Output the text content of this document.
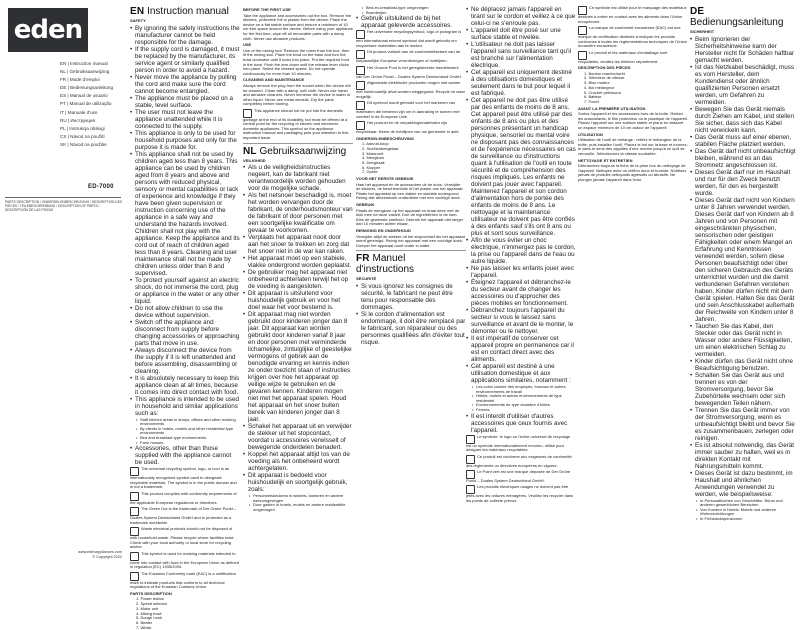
eden
EN | Instruction manual
NL | Gebruiksaanwijzing
FR | Mode d'emploi
DE | Bedienungsanleitung
ES | Manual de usuario
PT | Manual de utilização
IT | Manuale d'uso
RU | Инструкция
PL | Instrukcja obsługi
CS | Návod na použití
SK | Návod na použitie
ED-7000
PARTS DESCRIPTION / ONDERDELENBESCHRIJVING / DESCRIPTION DES PIÈCES / TEILEBESCHREIBUNG / DESCRIPTION OF PARTS / DESCRIPCIÓN DE LAS PIEZAS
www.edenappliances.com
© Copyright 2022
EN Instruction manual
SAFETY
• By ignoring the safety instructions the manufacturer cannot be held responsible for the damage.
• If the supply cord is damaged, it must be replaced by the manufacturer, its service agent or similarly qualified person in order to avoid a hazard.
• Never move the appliance by pulling the cord and make sure the cord cannot become entangled.
• The appliance must be placed on a stable, level surface.
• The user must not leave the appliance unattended while it is connected to the supply.
• This appliance is only to be used for household purposes and only for the purpose it is made for.
• This appliance shall not be used by children aged less than 8 years. This appliance can be used by children aged from 8 years and above and persons with reduced physical, sensory or mental capabilities or lack of experience and knowledge if they have been given supervision or instruction concerning use of the appliance in a safe way and understand the hazards involved. Children shall not play with the appliance. Keep the appliance and its cord out of reach of children aged less than 8 years. Cleaning and user maintenance shall not be made by children unless older than 8 and supervised.
• To protect yourself against an electric shock, do not immerse the cord, plug or appliance in the water or any other liquid.
• Do not allow children to use the device without supervision.
• Switch off the appliance and disconnect from supply before changing accessories or approaching parts that move in use.
• Always disconnect the device from the supply if it is left unattended and before assembling, disassembling or cleaning.
• It is absolutely necessary to keep this appliance clean at all times, because it comes into direct contact with food.
• This appliance is intended to be used in household and similar applications such as:
• Staff kitchen areas in shops, offices and other working environments
• By clients in hotels, motels and other residential type environments
• Bed and breakfast type environments
• Farm houses
• Accessories, other than those supplied with the appliance cannot be used.

The universal recycling symbol, logo, or icon is an internationally recognised symbol used to designate recyclable materials. The symbol is in the public domain and is not a trademark.

This product complies with conformity requirements of the applicable European regulations or directives.

The Green Dot is the trademark of Der Grüne Punkt – Duales System Deutschland GmbH and is protected as a trademark worldwide.

Waste electrical products should not be disposed of with household waste. Please recycle where facilities exist. Check with your local authority or local store for recycling advice.

This symbol is used for marking materials intended to come into contact with food in the European Union as defined in regulation (EC) 1935/2004.

The Eurasian Conformity mark (EAC) is a certification mark to indicate products that conform to all technical regulations of the Eurasian Customs Union.

PARTS DESCRIPTION
1. Power button
2. Speed selector
3. Motor unit
4. Mixing bowl
5. Dough hook
6. Beater
7. Whisk
BEFORE THE FIRST USE

Take the appliance and accessories out the box. Remove the stickers, protective foil or plastic from the device. Place the device on a flat stable surface and ensure a minimum of 10 cm free space around the device. Before using your appliance for the first time, wipe off all removable parts with a damp cloth. Never use abrasive products.

USE

Use of the mixing tool: Remove the mixer from the box, then fit the mixing tool. Place the bowl on the base and turn the bowl clockwise until it locks into place. Put the required food in the bowl. Push the arm down until the release lever clicks into place. Select the desired speed. Do not operate continuously for more than 10 minutes.

CLEANING AND MAINTENANCE

Always remove the plug from the socket when the device will be cleaned. Clean with a damp, soft cloth. Never use harsh and abrasive cleaners. Never immerse the device in water or other liquid. Never use metal utensils. Dry the parts completely before storing.

This appliance should not be put into the domestic garbage at the end of its durability, but must be offered at a central point for the recycling of electric and electronic domestic appliances. This symbol on the appliance, instruction manual and packaging puts your attention to this important issue.

NL Gebruiksaanwijzing
VEILIGHEID
• Als u de veiligheidsinstructies negeert, kan de fabrikant niet verantwoordelijk worden gehouden voor de mogelijke schade.
• Als het netsnoer beschadigd is, moet het worden vervangen door de fabrikant, de onderhoudsmonteur van de fabrikant of door personen met een soortgelijke kwalificatie om gevaar te voorkomen.
• Verplaats het apparaat nooit door aan het snoer te trekken en zorg dat het snoer niet in de war kan raken.
• Het apparaat moet op een stabiele, vlakke ondergrond worden geplaatst.
• De gebruiker mag het apparaat niet onbeheerd achterlaten terwijl het op de voeding is aangesloten.
• Dit apparaat is uitsluitend voor huishoudelijk gebruik en voor het doel waar het voor bestemd is.
• Dit apparaat mag niet worden gebruikt door kinderen jonger dan 8 jaar. Dit apparaat kan worden gebruikt door kinderen vanaf 8 jaar en door personen met verminderde lichamelijke, zintuiglijke of geestelijke vermogens of gebrek aan de benodigde ervaring en kennis indien ze onder toezicht staan of instructies krijgen over hoe het apparaat op veilige wijze te gebruiken en de gevaren kennen. Kinderen mogen niet met het apparaat spelen. Houd het apparaat en het snoer buiten bereik van kinderen jonger dan 8 jaar.
• Schakel het apparaat uit en verwijder de stekker uit het stopcontact, voordat u accessoires verwisselt of bewegende onderdelen benadert.
• Koppel het apparaat altijd los van de voeding als het onbeheerd wordt achtergelaten.
• Dit apparaat is bedoeld voor huishoudelijk en soortgelijk gebruik, zoals:
• Personeelskeukens in winkels, kantoren en andere werkomgevingen
• Door gasten in hotels, motels en andere residentiële omgevingen
• Bed-en-breakfast-type omgevingen
• Boerderijen
• Gebruik uitsluitend de bij het apparaat geleverde accessoires.

Het universele recyclingsymbool, logo of pictogram is een internationaal erkend symbool dat wordt gebruikt om recyclebare materialen aan te duiden.

Dit product voldoet aan de conformiteitseisen van de toepasselijke Europese verordeningen of richtlijnen.

Het Groene Punt is het geregistreerde handelsmerk van Der Grüne Punkt – Duales System Deutschland GmbH.

Afgedankte elektrische producten mogen niet samen met huishoudelijk afval worden weggegooid. Recycle ze waar mogelijk.

Dit symbool wordt gebruikt voor het markeren van materialen die bestemd zijn om in aanraking te komen met voedsel in de Europese Unie.

Het product en de verpakkingsmaterialen zijn recyclebaar. Neem de richtlijnen van uw gemeente in acht.

ONDERDELENBESCHRIJVING
1. Aan/uit-knop
2. Snelheidsregelaar
3. Motorunit
4. Mengkom
5. Deeghaak
6. Klopper
7. Garde
VOOR HET EERSTE GEBRUIK

Haal het apparaat en de accessoires uit de doos. Verwijder de stickers, de beschermfolie of het plastic van het apparaat. Plaats het apparaat op een vlakke en stabiele ondergrond. Reinig alle afneembare onderdelen met een vochtige doek.

GEBRUIK

Plaats de mengkom op het apparaat en draai deze met de klok mee tot deze vastzit. Doe de ingrediënten in de kom. Kies de gewenste snelheid. Gebruik het apparaat niet langer dan 10 minuten achter elkaar.

REINIGING EN ONDERHOUD

Verwijder altijd de stekker uit het stopcontact als het apparaat wordt gereinigd. Reinig het apparaat met een vochtige doek. Dompel het apparaat nooit onder in water.

FR Manuel d'instructions
SÉCURITÉ
• Si vous ignorez les consignes de sécurité, le fabricant ne peut être tenu pour responsable des dommages.
• Si le cordon d'alimentation est endommagé, il doit être remplacé par le fabricant, son réparateur ou des personnes qualifiées afin d'éviter tout risque.
• Ne déplacez jamais l'appareil en tirant sur le cordon et veillez à ce que celui-ci ne s'enroule pas.
• L'appareil doit être posé sur une surface stable et nivelée.
• L'utilisateur ne doit pas laisser l'appareil sans surveillance tant qu'il est branché sur l'alimentation électrique.
• Cet appareil est uniquement destiné à des utilisations domestiques et seulement dans le but pour lequel il est fabriqué.
• Cet appareil ne doit pas être utilisé par des enfants de moins de 8 ans. Cet appareil peut être utilisé par des enfants de 8 ans ou plus et des personnes présentant un handicap physique, sensoriel ou mental voire ne disposant pas des connaissances et de l'expérience nécessaires en cas de surveillance ou d'instructions quant à l'utilisation de l'outil en toute sécurité et de compréhension des risques impliqués. Les enfants ne doivent pas jouer avec l'appareil. Maintenez l'appareil et son cordon d'alimentation hors de portée des enfants de moins de 8 ans. Le nettoyage et la maintenance utilisateur ne doivent pas être confiés à des enfants sauf s'ils ont 8 ans ou plus et sont sous surveillance.
• Afin de vous éviter un choc électrique, n'immergez pas le cordon, la prise ou l'appareil dans de l'eau ou autre liquide.
• Ne pas laisser les enfants jouer avec l'appareil.
• Éteignez l'appareil et débranchez-le du secteur avant de changer les accessoires ou d'approcher des pièces mobiles en fonctionnement.
• Débranchez toujours l'appareil du secteur si vous le laissez sans surveillance et avant de le monter, le démonter ou le nettoyer.
• Il est impératif de conserver cet appareil propre en permanence car il est en contact direct avec des aliments.
• Cet appareil est destiné à une utilisation domestique et aux applications similaires, notamment :
• Les coins cuisine des employés, bureaux et autres environnements de travail
• Hôtels, motels et autres environnements de type résidentiel
• Environnements de type chambre d'hôtes
• Fermes
• Il est interdit d'utiliser d'autres accessoires que ceux fournis avec l'appareil.

Le symbole, le logo ou l'icône universel de recyclage est un symbole internationalement reconnu, utilisé pour désigner les matériaux recyclables.

Ce produit est conforme aux exigences de conformité des règlements ou directives européens en vigueur.

Le Point vert est une marque déposée de Der Grüne Punkt – Duales System Deutschland GmbH.

Les produits électriques usagés ne doivent pas être jetés avec les ordures ménagères. Veuillez les recycler dans les points de collecte prévus.

Ce symbole est utilisé pour le marquage des matériaux destinés à entrer en contact avec les aliments dans l'Union européenne.

La marque de conformité eurasienne (EAC) est une marque de certification destinée à indiquer les produits conformes à toutes les réglementations techniques de l'Union douanière eurasienne.

Le produit et les matériaux d'emballage sont recyclables, veuillez les éliminer séparément.

DESCRIPTION DES PIÈCES
1. Bouton marche/arrêt
2. Sélecteur de vitesse
3. Bloc moteur
4. Bol mélangeur
5. Crochet pétrisseur
6. Batteur
7. Fouet
AVANT LA PREMIÈRE UTILISATION

Sortez l'appareil et les accessoires hors de la boîte. Retirez les autocollants, le film protecteur ou le plastique de l'appareil. Placez l'appareil sur une surface stable et plane en laissant un espace minimum de 10 cm autour de l'appareil.

UTILISATION

Utilisation de l'outil de mélange : retirez le mélangeur de la boîte, puis installez l'outil. Placez le bol sur la base et tournez-le dans le sens des aiguilles d'une montre jusqu'à ce qu'il se verrouille. Sélectionnez la vitesse souhaitée.

NETTOYAGE ET ENTRETIEN

Débranchez toujours la fiche de la prise lors du nettoyage de l'appareil. Nettoyez avec un chiffon doux et humide. N'utilisez jamais de produits nettoyants agressifs ou abrasifs. Ne plongez jamais l'appareil dans l'eau.

DE Bedienungsanleitung
SICHERHEIT
• Beim Ignorieren der Sicherheitshinweise kann der Hersteller nicht für Schäden haftbar gemacht werden.
• Ist das Netzkabel beschädigt, muss es vom Hersteller, dem Kundendienst oder ähnlich qualifizierten Personen ersetzt werden, um Gefahren zu vermeiden.
• Bewegen Sie das Gerät niemals durch Ziehen am Kabel, und stellen Sie sicher, dass sich das Kabel nicht verwickeln kann.
• Das Gerät muss auf einer ebenen, stabilen Fläche platziert werden.
• Das Gerät darf nicht unbeaufsichtigt bleiben, während es an das Stromnetz angeschlossen ist.
• Dieses Gerät darf nur im Haushalt und nur für den Zweck benutzt werden, für den es hergestellt wurde.
• Dieses Gerät darf nicht von Kindern unter 8 Jahren verwendet werden. Dieses Gerät darf von Kindern ab 8 Jahren und von Personen mit eingeschränkten physischen, sensorischen oder geistigen Fähigkeiten oder einem Mangel an Erfahrung und Kenntnissen verwendet werden, sofern diese Personen beaufsichtigt oder über den sicheren Gebrauch des Geräts unterrichtet wurden und die damit verbundenen Gefahren verstehen haben. Kinder dürfen nicht mit dem Gerät spielen. Halten Sie das Gerät und sein Anschlusskabel außerhalb der Reichweite von Kindern unter 8 Jahren.
• Tauchen Sie das Kabel, den Stecker oder das Gerät nicht in Wasser oder andere Flüssigkeiten, um einen elektrischen Schlag zu vermeiden.
• Kinder dürfen das Gerät nicht ohne Beaufsichtigung benutzen.
• Schalten Sie das Gerät aus und trennen es von der Stromversorgung, bevor Sie Zubehörteile wechseln oder sich bewegenden Teilen nähern.
• Trennen Sie das Gerät immer von der Stromversorgung, wenn es unbeaufsichtigt bleibt und bevor Sie es zusammenbauen, zerlegen oder reinigen.
• Es ist absolut notwendig, das Gerät immer sauber zu halten, weil es in direkten Kontakt mit Nahrungsmitteln kommt.
• Dieses Gerät ist dazu bestimmt, im Haushalt und ähnlichen Anwendungen verwendet zu werden, wie beispielsweise:
• In Personalküchen von Geschäften, Büros und anderen gewerblichen Bereichen
• Von Kunden in Hotels, Motels und anderen Wohneinrichtungen
• In Frühstückspensionen
